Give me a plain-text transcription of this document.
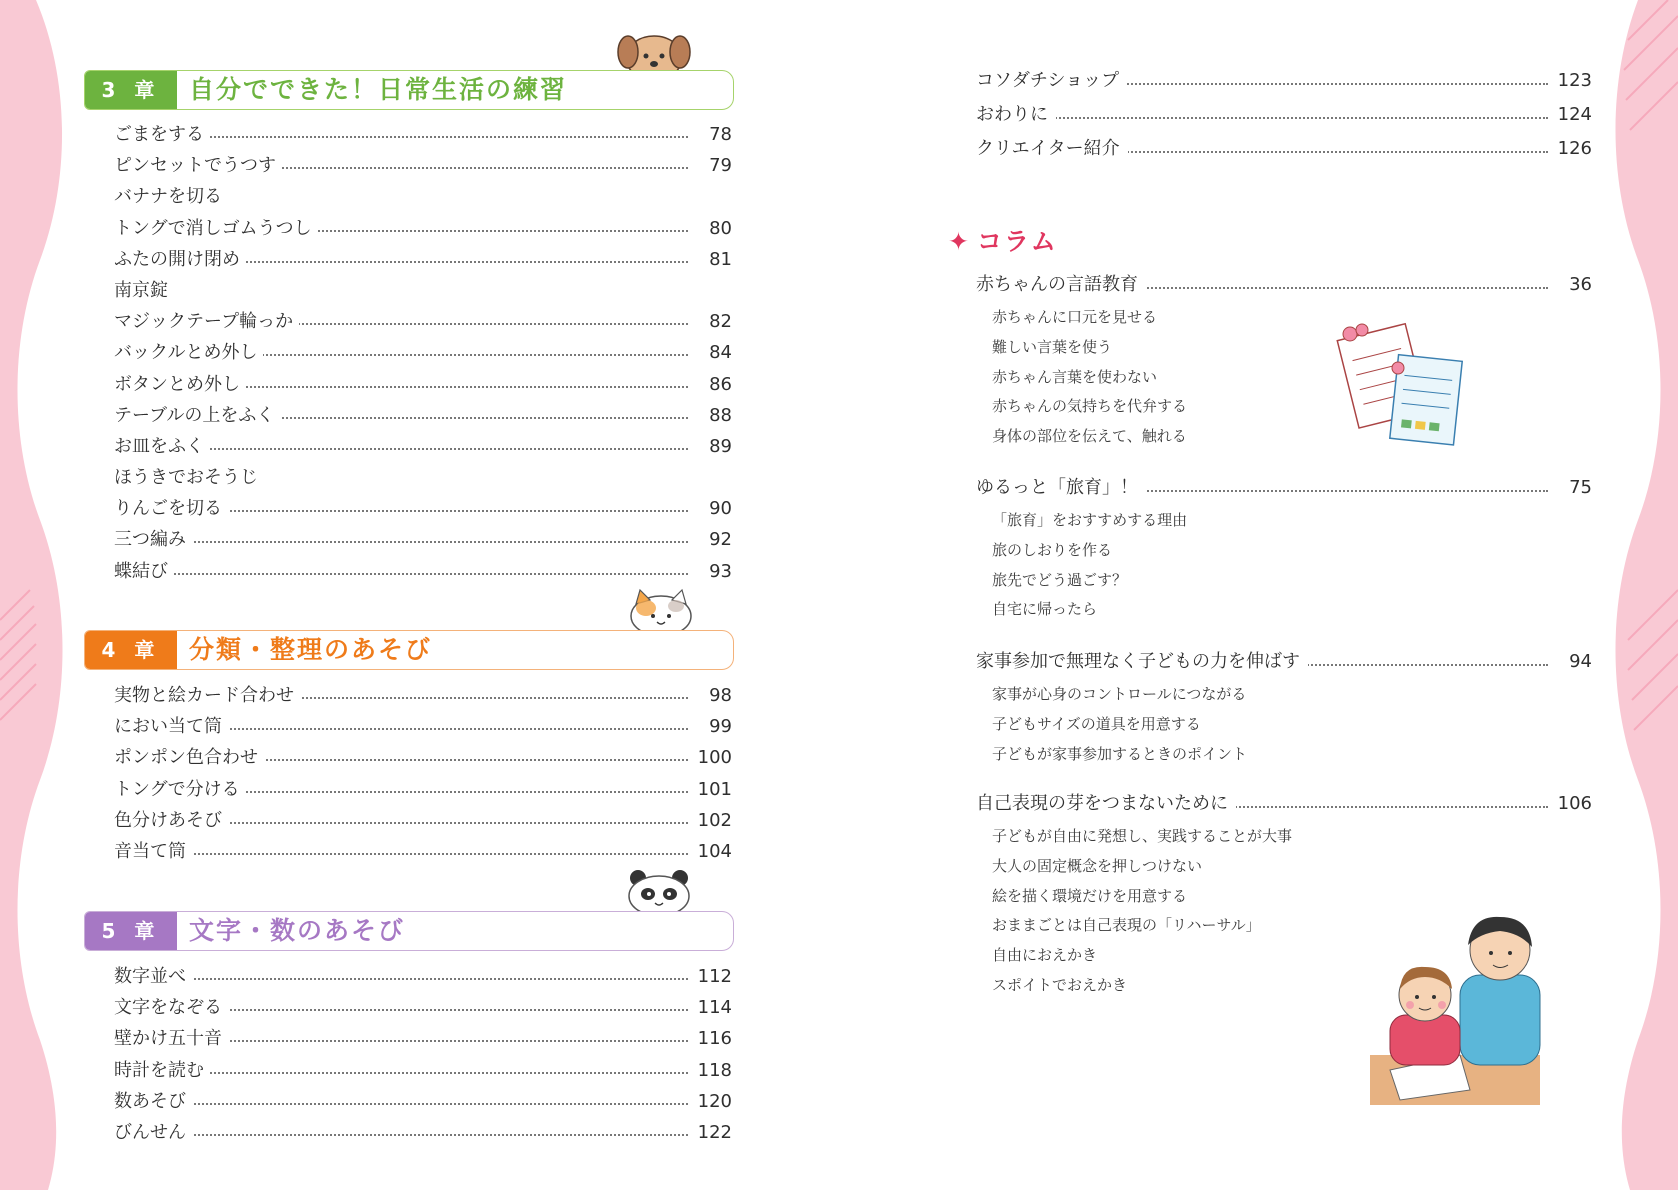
3 章	自分でできた！日常生活の練習
ごまをする	78
ピンセットでうつす	79
バナナを切る
トングで消しゴムうつし	80
ふたの開け閉め	81
南京錠
マジックテープ輪っか	82
バックルとめ外し	84
ボタンとめ外し	86
テーブルの上をふく	88
お皿をふく	89
ほうきでおそうじ
りんごを切る	90
三つ編み	92
蝶結び	93
4 章	分類・整理のあそび
実物と絵カード合わせ	98
におい当て筒	99
ポンポン色合わせ	100
トングで分ける	101
色分けあそび	102
音当て筒	104
5 章	文字・数のあそび
数字並べ	112
文字をなぞる	114
壁かけ五十音	116
時計を読む	118
数あそび	120
びんせん	122
コソダチショップ	123
おわりに	124
クリエイター紹介	126
✦ コラム
赤ちゃんの言語教育	36
赤ちゃんに口元を見せる
難しい言葉を使う
赤ちゃん言葉を使わない
赤ちゃんの気持ちを代弁する
身体の部位を伝えて、触れる
ゆるっと「旅育」！	75
「旅育」をおすすめする理由
旅のしおりを作る
旅先でどう過ごす？
自宅に帰ったら
家事参加で無理なく子どもの力を伸ばす	94
家事が心身のコントロールにつながる
子どもサイズの道具を用意する
子どもが家事参加するときのポイント
自己表現の芽をつまないために	106
子どもが自由に発想し、実践することが大事
大人の固定概念を押しつけない
絵を描く環境だけを用意する
おままごとは自己表現の「リハーサル」
自由におえかき
スポイトでおえかき
